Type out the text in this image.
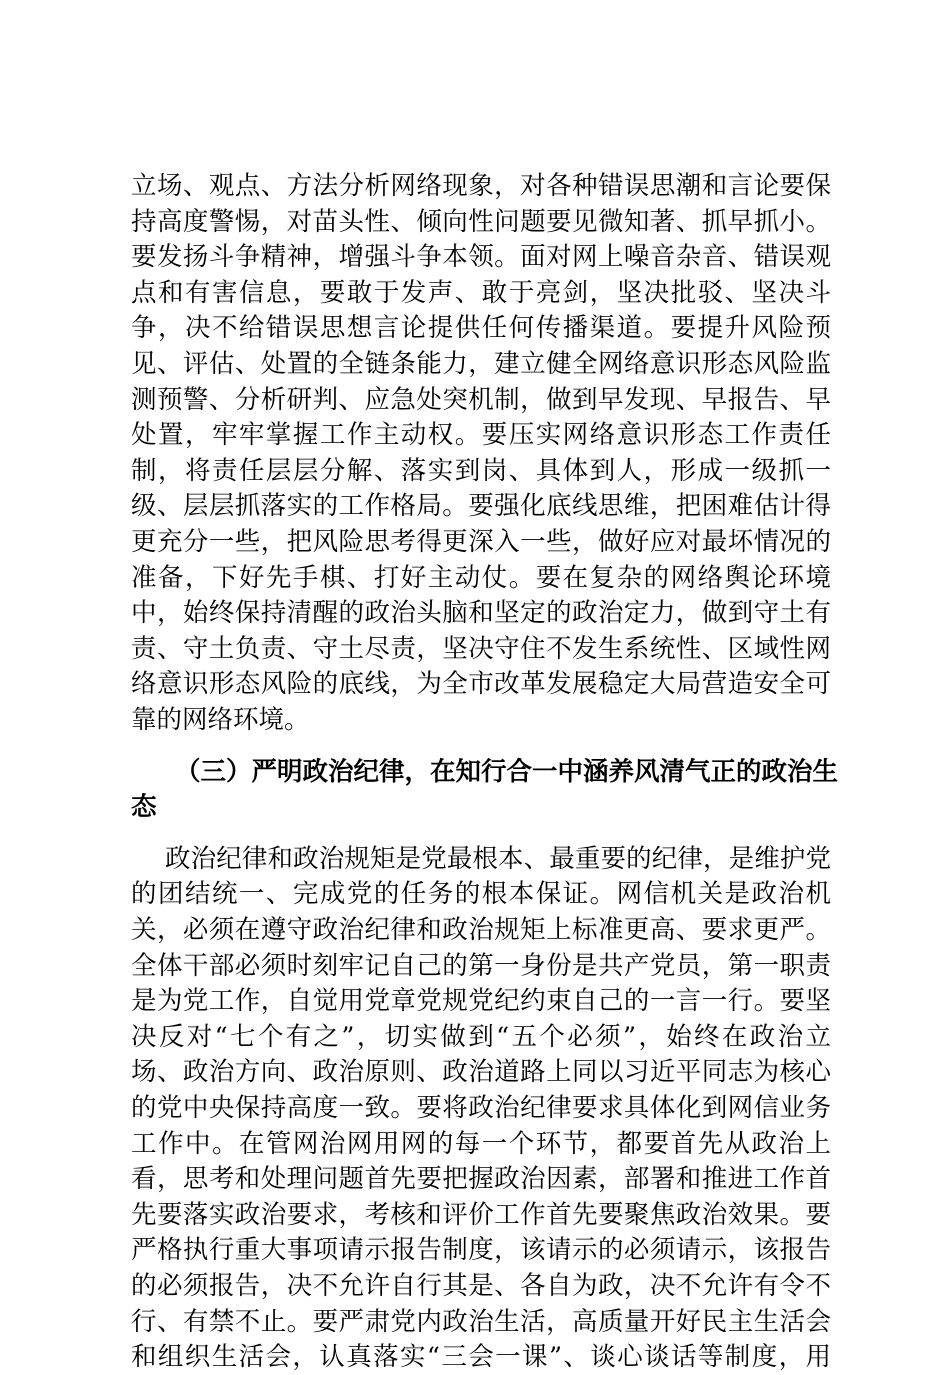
立场、观点、方法分析网络现象，对各种错误思潮和言论要保
持高度警惕，对苗头性、倾向性问题要见微知著、抓早抓小。
要发扬斗争精神，增强斗争本领。面对网上噪音杂音、错误观
点和有害信息，要敢于发声、敢于亮剑，坚决批驳、坚决斗
争，决不给错误思想言论提供任何传播渠道。要提升风险预
见、评估、处置的全链条能力，建立健全网络意识形态风险监
测预警、分析研判、应急处突机制，做到早发现、早报告、早
处置，牢牢掌握工作主动权。要压实网络意识形态工作责任
制，将责任层层分解、落实到岗、具体到人，形成一级抓一
级、层层抓落实的工作格局。要强化底线思维，把困难估计得
更充分一些，把风险思考得更深入一些，做好应对最坏情况的
准备，下好先手棋、打好主动仗。要在复杂的网络舆论环境
中，始终保持清醒的政治头脑和坚定的政治定力，做到守土有
责、守土负责、守土尽责，坚决守住不发生系统性、区域性网
络意识形态风险的底线，为全市改革发展稳定大局营造安全可
靠的网络环境。
（三）严明政治纪律，在知行合一中涵养风清气正的政治生
态
政治纪律和政治规矩是党最根本、最重要的纪律，是维护党
的团结统一、完成党的任务的根本保证。网信机关是政治机
关，必须在遵守政治纪律和政治规矩上标准更高、要求更严。
全体干部必须时刻牢记自己的第一身份是共产党员，第一职责
是为党工作，自觉用党章党规党纪约束自己的一言一行。要坚
决反对“七个有之”，切实做到“五个必须”，始终在政治立
场、政治方向、政治原则、政治道路上同以习近平同志为核心
的党中央保持高度一致。要将政治纪律要求具体化到网信业务
工作中。在管网治网用网的每一个环节，都要首先从政治上
看，思考和处理问题首先要把握政治因素，部署和推进工作首
先要落实政治要求，考核和评价工作首先要聚焦政治效果。要
严格执行重大事项请示报告制度，该请示的必须请示，该报告
的必须报告，决不允许自行其是、各自为政，决不允许有令不
行、有禁不止。要严肃党内政治生活，高质量开好民主生活会
和组织生活会，认真落实“三会一课”、谈心谈话等制度，用
